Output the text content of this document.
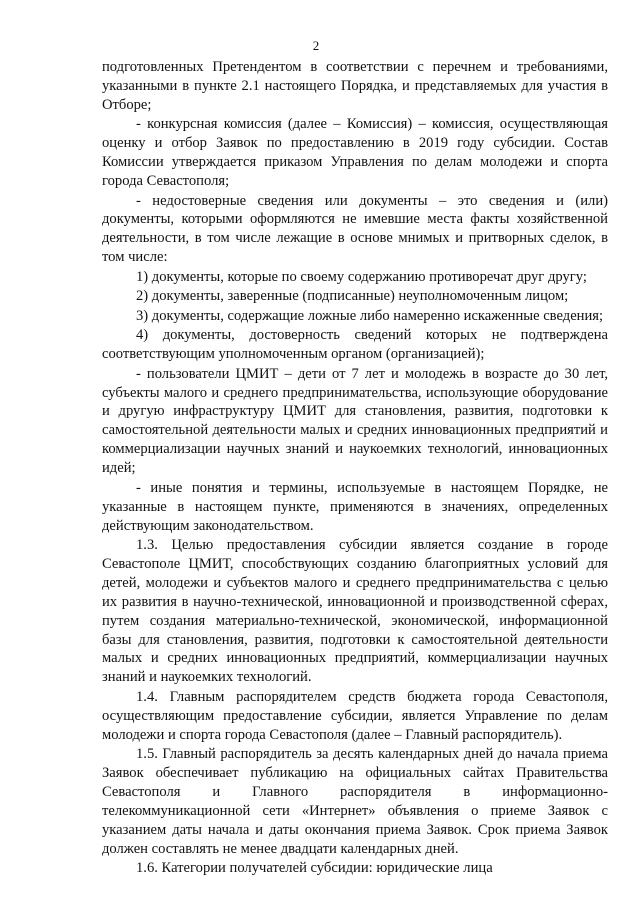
2

подготовленных Претендентом в соответствии с перечнем и требованиями, указанными в пункте 2.1 настоящего Порядка, и представляемых для участия в Отборе;

- конкурсная комиссия (далее – Комиссия) – комиссия, осуществляющая оценку и отбор Заявок по предоставлению в 2019 году субсидии. Состав Комиссии утверждается приказом Управления по делам молодежи и спорта города Севастополя;

- недостоверные сведения или документы – это сведения и (или) документы, которыми оформляются не имевшие места факты хозяйственной деятельности, в том числе лежащие в основе мнимых и притворных сделок, в том числе:

1) документы, которые по своему содержанию противоречат друг другу;

2) документы, заверенные (подписанные) неуполномоченным лицом;

3) документы, содержащие ложные либо намеренно искаженные сведения;

4) документы, достоверность сведений которых не подтверждена соответствующим уполномоченным органом (организацией);

- пользователи ЦМИТ – дети от 7 лет и молодежь в возрасте до 30 лет, субъекты малого и среднего предпринимательства, использующие оборудование и другую инфраструктуру ЦМИТ для становления, развития, подготовки к самостоятельной деятельности малых и средних инновационных предприятий и коммерциализации научных знаний и наукоемких технологий, инновационных идей;

- иные понятия и термины, используемые в настоящем Порядке, не указанные в настоящем пункте, применяются в значениях, определенных действующим законодательством.

1.3. Целью предоставления субсидии является создание в городе Севастополе ЦМИТ, способствующих созданию благоприятных условий для детей, молодежи и субъектов малого и среднего предпринимательства с целью их развития в научно-технической, инновационной и производственной сферах, путем создания материально-технической, экономической, информационной базы для становления, развития, подготовки к самостоятельной деятельности малых и средних инновационных предприятий, коммерциализации научных знаний и наукоемких технологий.

1.4. Главным распорядителем средств бюджета города Севастополя, осуществляющим предоставление субсидии, является Управление по делам молодежи и спорта города Севастополя (далее – Главный распорядитель).

1.5. Главный распорядитель за десять календарных дней до начала приема Заявок обеспечивает публикацию на официальных сайтах Правительства Севастополя и Главного распорядителя в информационно-телекоммуникационной сети «Интернет» объявления о приеме Заявок с указанием даты начала и даты окончания приема Заявок. Срок приема Заявок должен составлять не менее двадцати календарных дней.

1.6. Категории получателей субсидии: юридические лица
